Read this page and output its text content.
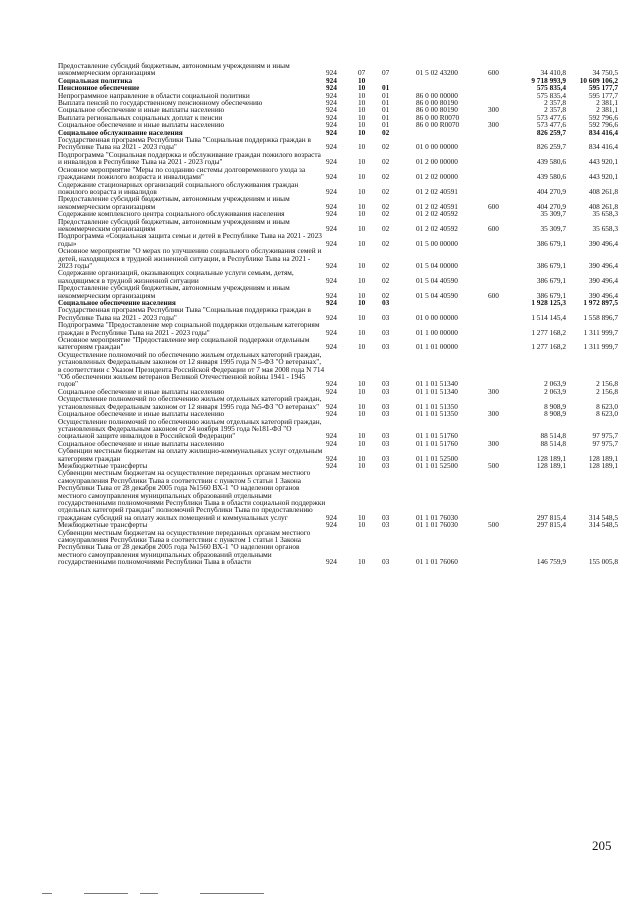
Предоставление субсидий бюджетным, автономным учреждениям и иным некоммерческим организациям	924	07	07	01 5 02 43200	600	34 410,8	34 750,5
Социальная политика	924	10				9 718 993,9	10 609 106,2
Пенсионное обеспечение	924	10	01			575 835,4	595 177,7
Непрограммное направление в области социальной политики	924	10	01	86 0 00 00000		575 835,4	595 177,7
Выплата пенсий по государственному пенсионному обеспечению	924	10	01	86 0 00 80190		2 357,8	2 381,1
Социальное обеспечение и иные выплаты населению	924	10	01	86 0 00 80190	300	2 357,8	2 381,1
Выплата региональных социальных доплат к пенсии	924	10	01	86 0 00 R0070		573 477,6	592 796,6
Социальное обеспечение и иные выплаты населению	924	10	01	86 0 00 R0070	300	573 477,6	592 796,6
Социальное обслуживание населения	924	10	02			826 259,7	834 416,4
Государственная программа Республики Тыва "Социальная поддержка граждан в Республике Тыва на 2021 - 2023 годы"	924	10	02	01 0 00 00000		826 259,7	834 416,4
Подпрограмма "Социальная поддержка и обслуживание граждан пожилого возраста и инвалидов в Республике Тыва на 2021 - 2023 годы"	924	10	02	01 2 00 00000		439 580,6	443 920,1
Основное мероприятие "Меры по созданию системы долговременного ухода за гражданами пожилого возраста и инвалидами"	924	10	02	01 2 02 00000		439 580,6	443 920,1
Содержание стационарных организаций социального обслуживания граждан пожилого возраста и инвалидов	924	10	02	01 2 02 40591		404 270,9	408 261,8
Предоставление субсидий бюджетным, автономным учреждениям и иным некоммерческим организациям	924	10	02	01 2 02 40591	600	404 270,9	408 261,8
Содержание комплексного центра социального обслуживания населения	924	10	02	01 2 02 40592		35 309,7	35 658,3
Предоставление субсидий бюджетным, автономным учреждениям и иным некоммерческим организациям	924	10	02	01 2 02 40592	600	35 309,7	35 658,3
Подпрограмма «Социальная защита семьи и детей в Республике Тыва на 2021 - 2023 годы»	924	10	02	01 5 00 00000		386 679,1	390 496,4
Основное мероприятие "О мерах по улучшению социального обслуживания семей и детей, находящихся в трудной жизненной ситуации, в Республике Тыва на 2021 - 2023 годы"	924	10	02	01 5 04 00000		386 679,1	390 496,4
Содержание организаций, оказывающих социальные услуги семьям, детям, находящимся в трудной жизненной ситуации	924	10	02	01 5 04 40590		386 679,1	390 496,4
Предоставление субсидий бюджетным, автономным учреждениям и иным некоммерческим организациям	924	10	02	01 5 04 40590	600	386 679,1	390 496,4
Социальное обеспечение населения	924	10	03			1 928 125,3	1 972 897,5
Государственная программа Республики Тыва "Социальная поддержка граждан в Республике Тыва на 2021 - 2023 годы"	924	10	03	01 0 00 00000		1 514 145,4	1 558 896,7
Подпрограмма "Предоставление мер социальной поддержки отдельным категориям граждан в Республике Тыва на 2021 - 2023 годы"	924	10	03	01 1 00 00000		1 277 168,2	1 311 999,7
Основное мероприятие "Предоставление мер социальной поддержки отдельным категориям граждан"	924	10	03	01 1 01 00000		1 277 168,2	1 311 999,7
Осуществление полномочий по обеспечению жильем отдельных категорий граждан, установленных Федеральным законом от 12 января 1995 года N 5-ФЗ "О ветеранах", в соответствии с Указом Президента Российской Федерации от 7 мая 2008 года N 714 "Об обеспечении жильем ветеранов Великой Отечественной войны 1941 - 1945 годов"	924	10	03	01 1 01 51340		2 063,9	2 156,8
Социальное обеспечение и иные выплаты населению	924	10	03	01 1 01 51340	300	2 063,9	2 156,8
Осуществление полномочий по обеспечению жильем отдельных категорий граждан, установленных Федеральным законом от 12 января 1995 года №5-ФЗ "О ветеранах"	924	10	03	01 1 01 51350		8 908,9	8 623,0
Социальное обеспечение и иные выплаты населению	924	10	03	01 1 01 51350	300	8 908,9	8 623,0
Осуществление полномочий по обеспечению жильем отдельных категорий граждан, установленных Федеральным законом от 24 ноября 1995 года №181-ФЗ "О социальной защите инвалидов в Российской Федерации"	924	10	03	01 1 01 51760		88 514,8	97 975,7
Социальное обеспечение и иные выплаты населению	924	10	03	01 1 01 51760	300	88 514,8	97 975,7
Субвенции местным бюджетам на оплату жилищно-коммунальных услуг отдельным категориям граждан	924	10	03	01 1 01 52500		128 189,1	128 189,1
Межбюджетные трансферты	924	10	03	01 1 01 52500	500	128 189,1	128 189,1
Субвенции местным бюджетам на осуществление переданных органам местного самоуправления Республики Тыва в соответствии с пунктом 5 статьи 1 Закона Республики Тыва от 28 декабря 2005 года №1560 ВХ-1 "О наделении органов местного самоуправления муниципальных образований отдельными государственными полномочиями Республики Тыва в области социальной поддержки отдельных категорий граждан" полномочий Республики Тыва по предоставлению гражданам субсидий на оплату жилых помещений и коммунальных услуг	924	10	03	01 1 01 76030		297 815,4	314 548,5
Межбюджетные трансферты	924	10	03	01 1 01 76030	500	297 815,4	314 548,5
Субвенции местным бюджетам на осуществление переданных органам местного самоуправления Республики Тыва в соответствии с пунктом 1 статьи 1 Закона Республики Тыва от 28 декабря 2005 года №1560 ВХ-1 "О наделении органов местного самоуправления муниципальных образований отдельными государственными полномочиями Республики Тыва в области	924	10	03	01 1 01 76060		146 759,9	155 005,8
205
